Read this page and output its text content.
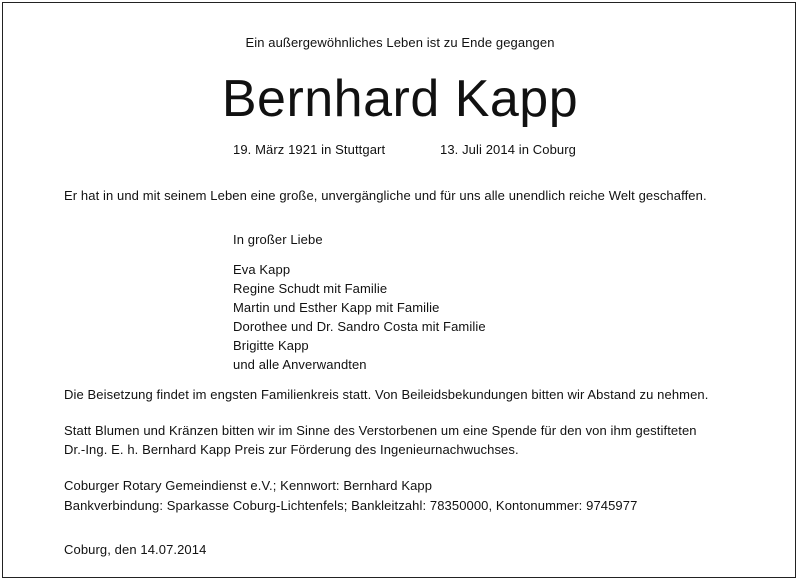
Ein außergewöhnliches Leben ist zu Ende gegangen
Bernhard Kapp
19. März 1921 in Stuttgart	13. Juli 2014 in Coburg
Er hat in und mit seinem Leben eine große, unvergängliche und für uns alle unendlich reiche Welt geschaffen.
In großer Liebe
Eva Kapp
Regine Schudt mit Familie
Martin und Esther Kapp mit Familie
Dorothee und Dr. Sandro Costa mit Familie
Brigitte Kapp
und alle Anverwandten
Die Beisetzung findet im engsten Familienkreis statt. Von Beileidsbekundungen bitten wir Abstand zu nehmen.
Statt Blumen und Kränzen bitten wir im Sinne des Verstorbenen um eine Spende für den von ihm gestifteten
Dr.-Ing. E. h. Bernhard Kapp Preis zur Förderung des Ingenieurnachwuchses.
Coburger Rotary Gemeindienst e.V.; Kennwort: Bernhard Kapp
Bankverbindung: Sparkasse Coburg-Lichtenfels; Bankleitzahl: 78350000, Kontonummer: 9745977
Coburg, den 14.07.2014
